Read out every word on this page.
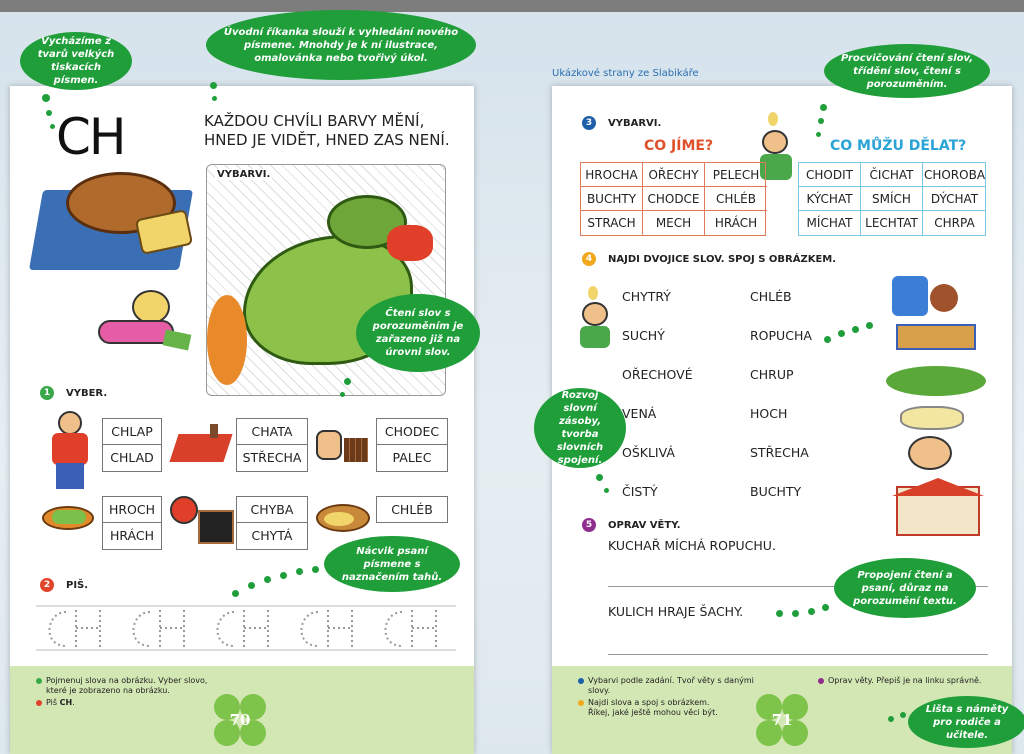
CH	KAŽDOU CHVÍLI BARVY MĚNÍ,
HNED JE VIDĚT, HNED ZAS NENÍ.
VYBARVI.
1	VYBER.
CHLAP
CHLAD
CHATA
STŘECHA
CHODEC
PALEC
HROCH
HRÁCH
CHYBA
CHYTÁ
CHLÉB
2	PIŠ.
Pojmenuj slova na obrázku. Vyber slovo,
které je zobrazeno na obrázku.
Piš CH.
70
Ukázkové strany ze Slabikáře
3	VYBARVI.
CO JÍME?	CO MŮŽU DĚLAT?
HROCHA OŘECHY	PELECH
BUCHTY CHODCE	CHLÉB
STRACH	MECH	HRÁCH
CHODIT	ČICHAT CHOROBA
KÝCHAT	SMÍCH	DÝCHAT
MÍCHAT	LECHTAT	CHRPA
4	NAJDI DVOJICE SLOV. SPOJ S OBRÁZKEM.
CHYTRÝ
SUCHÝ
OŘECHOVÉ
VENÁ
OŠKLIVÁ
ČISTÝ
CHLÉB
ROPUCHA
CHRUP
HOCH
STŘECHA
BUCHTY
5	OPRAV VĚTY.
KUCHAŘ MÍCHÁ ROPUCHU.
KULICH HRAJE ŠACHY.
Vybarvi podle zadání. Tvoř věty s danými
slovy.
Najdi slova a spoj s obrázkem.
Říkej, jaké ještě mohou věci být.
Oprav věty. Přepiš je na linku správně.
71
Vycházíme z tvarů velkých tiskacích písmen.
Úvodní říkanka slouží k vyhledání nového písmene. Mnohdy je k ní ilustrace, omalovánka nebo tvořivý úkol.
Čtení slov s porozuměním je zařazeno již na úrovni slov.
Nácvik psaní písmene s naznačením tahů.
Procvičování čtení slov, třídění slov, čtení s porozuměním.
Rozvoj slovní zásoby, tvorba slovních spojení.
Propojení čtení a psaní, důraz na porozumění textu.
Lišta s náměty pro rodiče a učitele.
